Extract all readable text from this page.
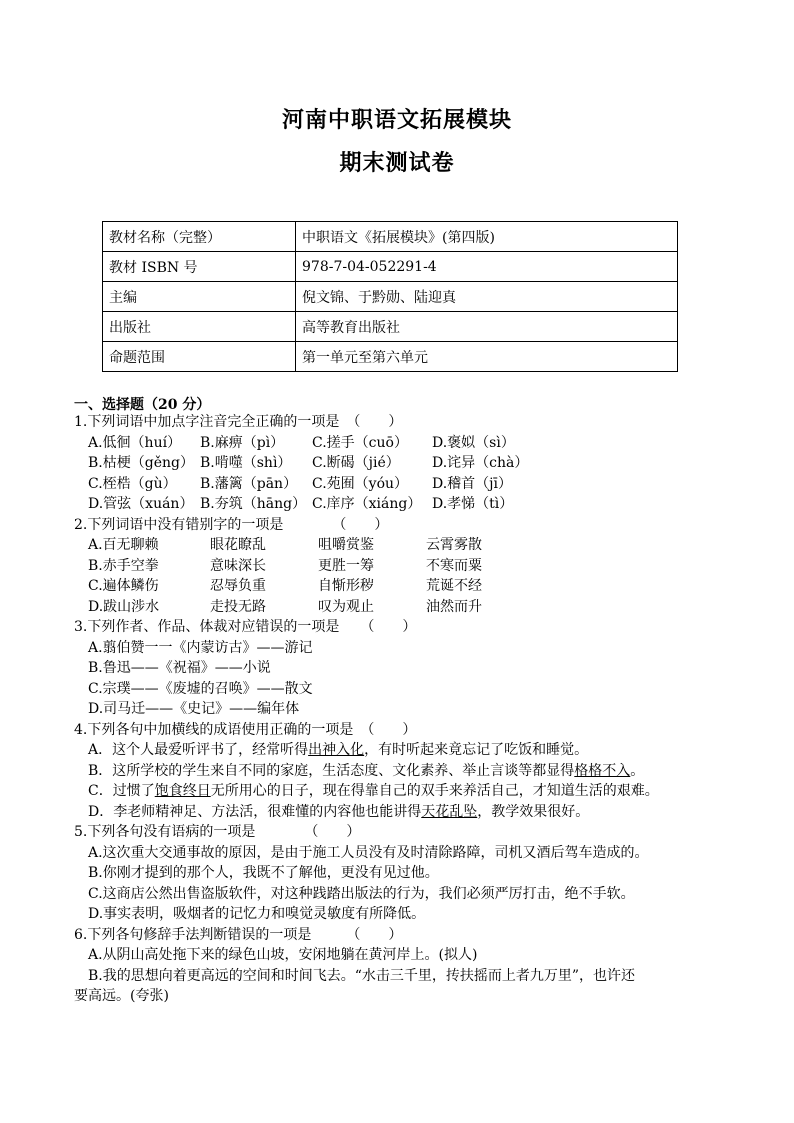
河南中职语文拓展模块
期末测试卷
教材名称（完整）	中职语文《拓展模块》(第四版)
教材 ISBN 号	978-7-04-052291-4
主编	倪文锦、于黔勋、陆迎真
出版社	高等教育出版社
命题范围	第一单元至第六单元
一、选择题（20 分）
1.下列词语中加点字注音完全正确的一项是　（　　）
A.低徊（huí）	B.麻痹（pì）	C.搓手（cuō）	D.褒姒（sì）
B.枯梗（gěng） B.啃噬（shì）	C.断碣（jié）	D.诧异（chà）
C.桎梏（gù）	B.藩篱（pān）	C.苑囿（yóu）	D.稽首（jī）
D.管弦（xuán） B.夯筑（hāng） C.庠序（xiáng） D.孝悌（tì）
2.下列词语中没有错别字的一项是　　　　（　　）
A.百无聊赖	眼花瞭乱	咀嚼赏鉴	云霄雾散
B.赤手空拳	意味深长	更胜一筹	不寒而粟
C.遍体鳞伤	忍辱负重	自惭形秽	荒诞不经
D.跋山涉水	走投无路	叹为观止	油然而升
3.下列作者、作品、体裁对应错误的一项是　　（　　）
A.翦伯赞一一《内蒙访古》——游记
B.鲁迅——《祝福》——小说
C.宗璞——《废墟的召唤》——散文
D.司马迁——《史记》——编年体
4.下列各句中加横线的成语使用正确的一项是　（　　）
A．这个人最爱听评书了，经常听得出神入化，有时听起来竟忘记了吃饭和睡觉。
B．这所学校的学生来自不同的家庭，生活态度、文化素养、举止言谈等都显得格格不入。
C．过惯了饱食终日无所用心的日子，现在得靠自己的双手来养活自己，才知道生活的艰难。
D．李老师精神足、方法活，很难懂的内容他也能讲得天花乱坠，教学效果很好。
5.下列各句没有语病的一项是　　　　（　　）
A.这次重大交通事故的原因，是由于施工人员没有及时清除路障，司机又酒后驾车造成的。
B.你刚才提到的那个人，我既不了解他，更没有见过他。
C.这商店公然出售盗版软件，对这种践踏出版法的行为，我们必须严厉打击，绝不手软。
D.事实表明，吸烟者的记忆力和嗅觉灵敏度有所降低。
6.下列各句修辞手法判断错误的一项是　　　（　　）
A.从阴山高处拖下来的绿色山坡，安闲地躺在黄河岸上。(拟人)
B.我的思想向着更高远的空间和时间飞去。“水击三千里，抟扶摇而上者九万里”，也许还
要高远。(夸张)
